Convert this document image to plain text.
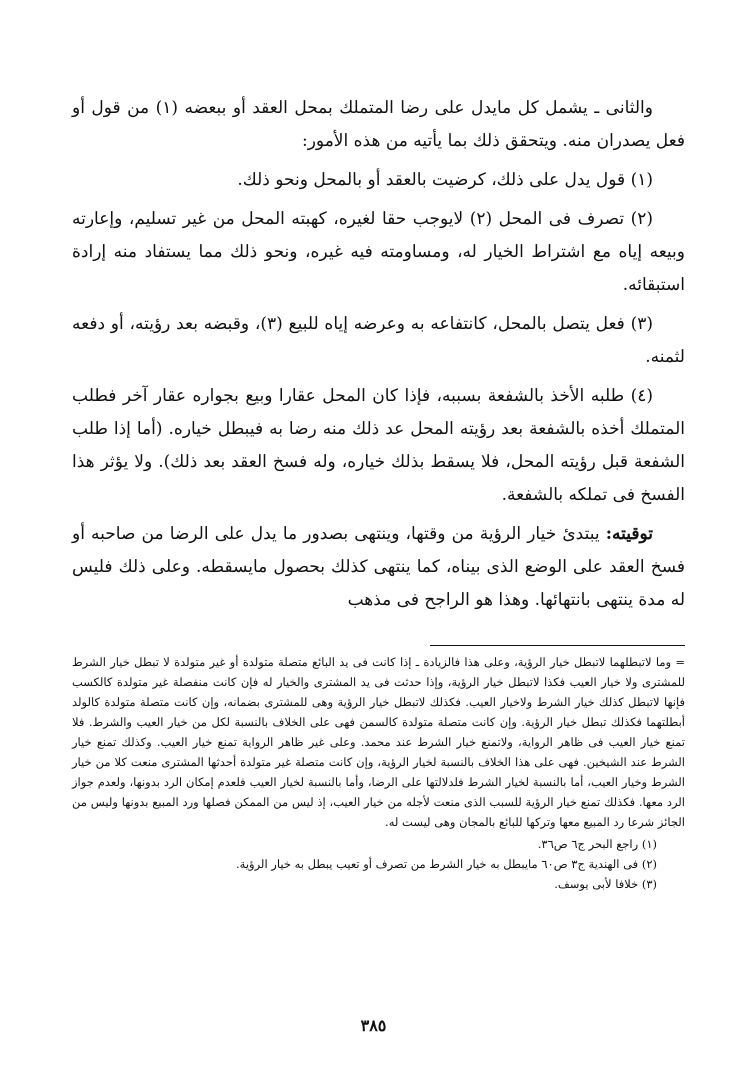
والثانى ـ يشمل كل مايدل على رضا المتملك بمحل العقد أو ببعضه (١) من قول أو فعل يصدران منه. ويتحقق ذلك بما يأتيه من هذه الأمور:

(١) قول يدل على ذلك، كرضيت بالعقد أو بالمحل ونحو ذلك.

(٢) تصرف فى المحل (٢) لايوجب حقا لغيره، كهبته المحل من غير تسليم، وإعارته وبيعه إياه مع اشتراط الخيار له، ومساومته فيه غيره، ونحو ذلك مما يستفاد منه إرادة استبقائه.

(٣) فعل يتصل بالمحل، كانتفاعه به وعرضه إياه للبيع (٣)، وقبضه بعد رؤيته، أو دفعه لثمنه.

(٤) طلبه الأخذ بالشفعة بسببه، فإذا كان المحل عقارا وبيع بجواره عقار آخر فطلب المتملك أخذه بالشفعة بعد رؤيته المحل عد ذلك منه رضا به فيبطل خياره. (أما إذا طلب الشفعة قبل رؤيته المحل، فلا يسقط بذلك خياره، وله فسخ العقد بعد ذلك). ولا يؤثر هذا الفسخ فى تملكه بالشفعة.

توقيته: يبتدئ خيار الرؤية من وقتها، وينتهى بصدور ما يدل على الرضا من صاحبه أو فسخ العقد على الوضع الذى بيناه، كما ينتهى كذلك بحصول مايسقطه. وعلى ذلك فليس له مدة ينتهى بانتهائها. وهذا هو الراجح فى مذهب

= وما لاتبطلهما لاتبطل خيار الرؤية، وعلى هذا فالزيادة ـ إذا كانت فى يد البائع متصلة متولدة أو غير متولدة لا تبطل خيار الشرط للمشترى ولا خيار العيب فكذا لاتبطل خيار الرؤية، وإذا حدثت فى يد المشترى والخيار له فإن كانت منفصلة غير متولدة كالكسب فإنها لاتبطل كذلك خيار الشرط ولاخيار العيب. فكذلك لاتبطل خيار الرؤية وهى للمشترى بضمانه، وإن كانت متصلة متولدة كالولد أبطلتهما فكذلك تبطل خيار الرؤية. وإن كانت متصلة متولدة كالسمن فهى على الخلاف بالنسبة لكل من خيار العيب والشرط. فلا تمنع خيار العيب فى ظاهر الرواية، ولاتمنع خيار الشرط عند محمد. وعلى غير ظاهر الرواية تمنع خيار العيب. وكذلك تمنع خيار الشرط عند الشيخين. فهى على هذا الخلاف بالنسبة لخيار الرؤية، وإن كانت متصلة غير متولدة أحدثها المشترى منعت كلا من خيار الشرط وخيار العيب، أما بالنسبة لخيار الشرط فلدلالتها على الرضا، وأما بالنسبة لخيار العيب فلعدم إمكان الرد بدونها، ولعدم جواز الرد معها. فكذلك تمنع خيار الرؤية للسبب الذى منعت لأجله من خيار العيب، إذ ليس من الممكن فصلها ورد المبيع بدونها وليس من الجائز شرعا رد المبيع معها وتركها للبائع بالمجان وهى ليست له.

(١) راجع البحر ج٦ ص٣٦.

(٢) فى الهندية ج٣ ص٦٠ مايبطل به خيار الشرط من تصرف أو تعيب يبطل به خيار الرؤية.

(٣) خلافا لأبى يوسف.

٣٨٥
